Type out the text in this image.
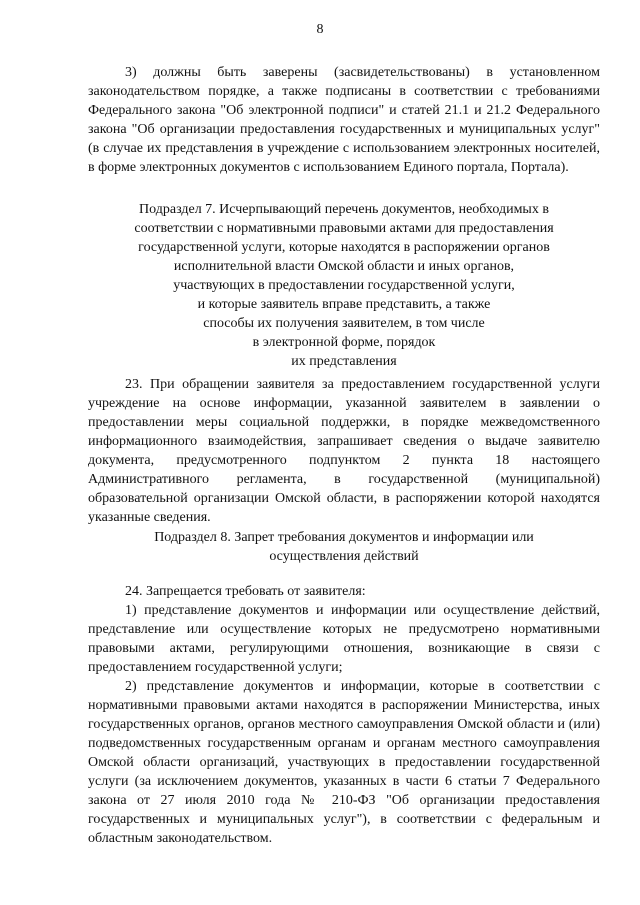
8

3) должны быть заверены (засвидетельствованы) в установленном законодательством порядке, а также подписаны в соответствии с требованиями Федерального закона "Об электронной подписи" и статей 21.1 и 21.2 Федерального закона "Об организации предоставления государственных и муниципальных услуг" (в случае их представления в учреждение с использованием электронных носителей, в форме электронных документов с использованием Единого портала, Портала).

Подраздел 7. Исчерпывающий перечень документов, необходимых в
соответствии с нормативными правовыми актами для предоставления
государственной услуги, которые находятся в распоряжении органов
исполнительной власти Омской области и иных органов,
участвующих в предоставлении государственной услуги,
и которые заявитель вправе представить, а также
способы их получения заявителем, в том числе
в электронной форме, порядок
их представления

23. При обращении заявителя за предоставлением государственной услуги учреждение на основе информации, указанной заявителем в заявлении о предоставлении меры социальной поддержки, в порядке межведомственного информационного взаимодействия, запрашивает сведения о выдаче заявителю документа, предусмотренного подпунктом 2 пункта 18 настоящего Административного регламента, в государственной (муниципальной) образовательной организации Омской области, в распоряжении которой находятся указанные сведения.

Подраздел 8. Запрет требования документов и информации или
осуществления действий

24. Запрещается требовать от заявителя:

1) представление документов и информации или осуществление действий, представление или осуществление которых не предусмотрено нормативными правовыми актами, регулирующими отношения, возникающие в связи с предоставлением государственной услуги;

2) представление документов и информации, которые в соответствии с нормативными правовыми актами находятся в распоряжении Министерства, иных государственных органов, органов местного самоуправления Омской области и (или) подведомственных государственным органам и органам местного самоуправления Омской области организаций, участвующих в предоставлении государственной услуги (за исключением документов, указанных в части 6 статьи 7 Федерального закона от 27 июля 2010 года № 210-ФЗ "Об организации предоставления государственных и муниципальных услуг"), в соответствии с федеральным и областным законодательством.
